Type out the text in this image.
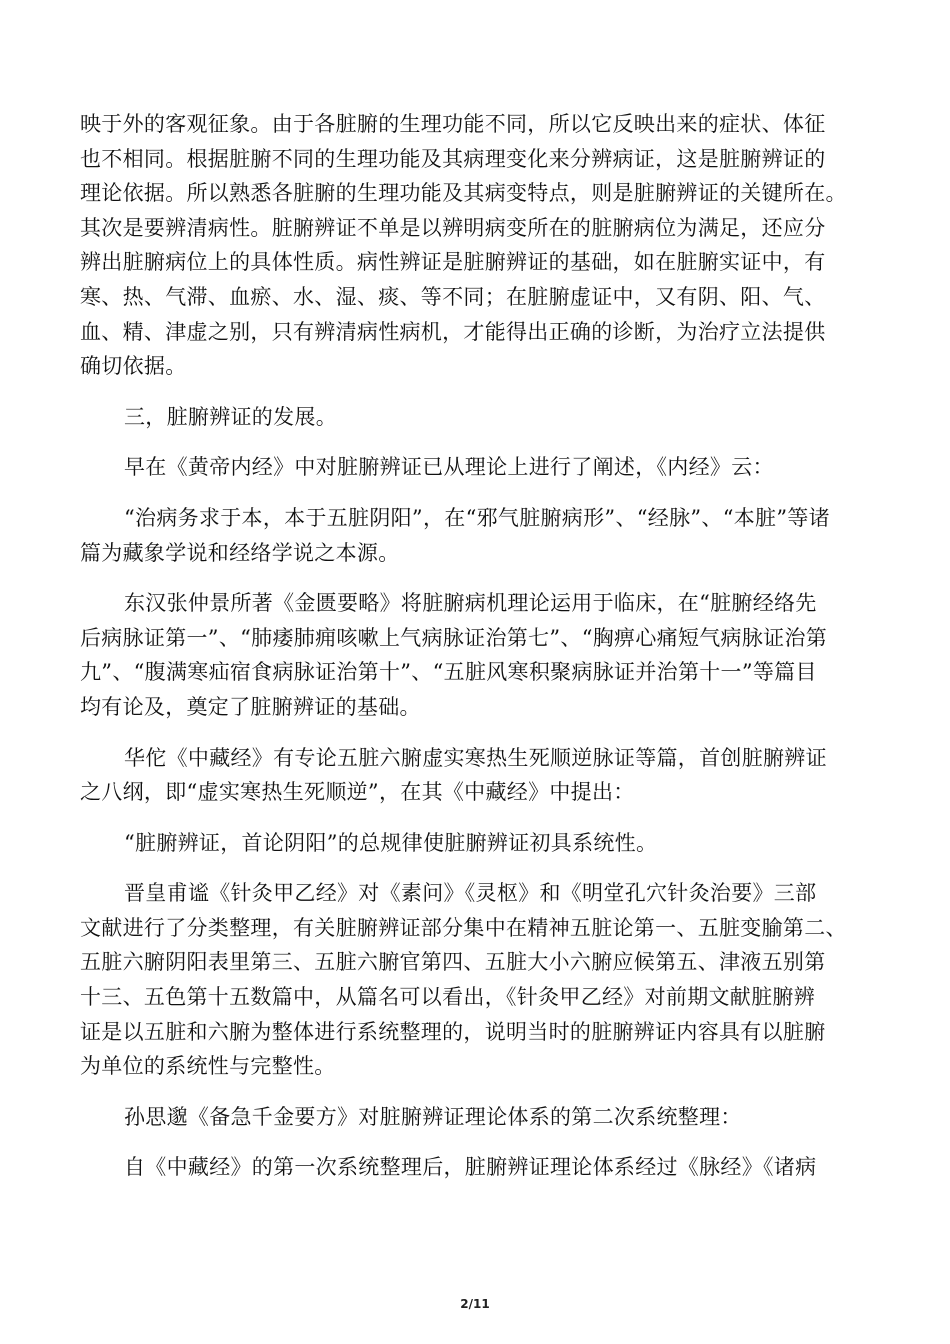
映于外的客观征象。由于各脏腑的生理功能不同，所以它反映出来的症状、体征
也不相同。根据脏腑不同的生理功能及其病理变化来分辨病证，这是脏腑辨证的
理论依据。所以熟悉各脏腑的生理功能及其病变特点，则是脏腑辨证的关键所在。
其次是要辨清病性。脏腑辨证不单是以辨明病变所在的脏腑病位为满足，还应分
辨出脏腑病位上的具体性质。病性辨证是脏腑辨证的基础，如在脏腑实证中，有
寒、热、气滞、血瘀、水、湿、痰、等不同；在脏腑虚证中，又有阴、阳、气、
血、精、津虚之别，只有辨清病性病机，才能得出正确的诊断，为治疗立法提供
确切依据。

三，脏腑辨证的发展。

早在《黄帝内经》中对脏腑辨证已从理论上进行了阐述，《内经》云：

“治病务求于本，本于五脏阴阳”，在“邪气脏腑病形”、“经脉”、“本脏”等诸
篇为藏象学说和经络学说之本源。

东汉张仲景所著《金匮要略》将脏腑病机理论运用于临床，在“脏腑经络先
后病脉证第一”、“肺痿肺痈咳嗽上气病脉证治第七”、“胸痹心痛短气病脉证治第
九”、“腹满寒疝宿食病脉证治第十”、“五脏风寒积聚病脉证并治第十一”等篇目
均有论及，奠定了脏腑辨证的基础。

华佗《中藏经》有专论五脏六腑虚实寒热生死顺逆脉证等篇，首创脏腑辨证
之八纲，即“虚实寒热生死顺逆”，在其《中藏经》中提出：

“脏腑辨证，首论阴阳”的总规律使脏腑辨证初具系统性。

晋皇甫谧《针灸甲乙经》对《素问》《灵枢》和《明堂孔穴针灸治要》三部
文献进行了分类整理，有关脏腑辨证部分集中在精神五脏论第一、五脏变腧第二、
五脏六腑阴阳表里第三、五脏六腑官第四、五脏大小六腑应候第五、津液五别第
十三、五色第十五数篇中，从篇名可以看出，《针灸甲乙经》对前期文献脏腑辨
证是以五脏和六腑为整体进行系统整理的，说明当时的脏腑辨证内容具有以脏腑
为单位的系统性与完整性。

孙思邈《备急千金要方》对脏腑辨证理论体系的第二次系统整理：

自《中藏经》的第一次系统整理后，脏腑辨证理论体系经过《脉经》《诸病

2/11
